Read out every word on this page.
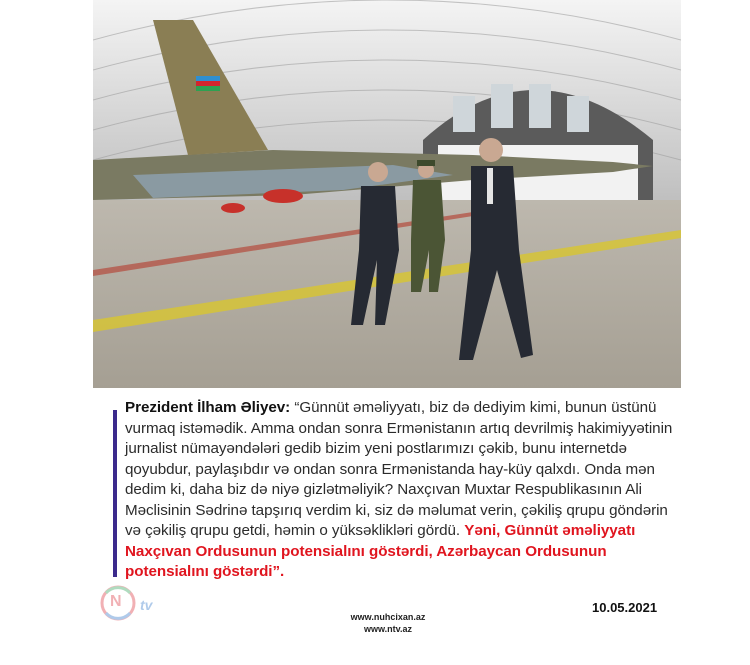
Prezident İlham Əliyev: “Günnüt əməliyyatı, biz də dediyim kimi, bunun üstünü vurmaq istəmədik. Amma ondan sonra Ermənistanın artıq devrilmiş hakimiyyətinin jurnalist nümayəndələri gedib bizim yeni postlarımızı çəkib, bunu internetdə qoyubdur, paylaşıbdır və ondan sonra Ermənistanda hay-küy qalxdı. Onda mən dedim ki, daha biz də niyə gizlətməliyik? Naxçıvan Muxtar Respublikasının Ali Məclisinin Sədrinə tapşırıq verdim ki, siz də məlumat verin, çəkiliş qrupu göndərin və çəkiliş qrupu getdi, həmin o yüksəklikləri gördü. Yəni, Günnüt əməliyyatı Naxçıvan Ordusunun potensialını göstərdi, Azərbaycan Ordusunun potensialını göstərdi”.
N tv
www.nuhcixan.az
www.ntv.az
10.05.2021
